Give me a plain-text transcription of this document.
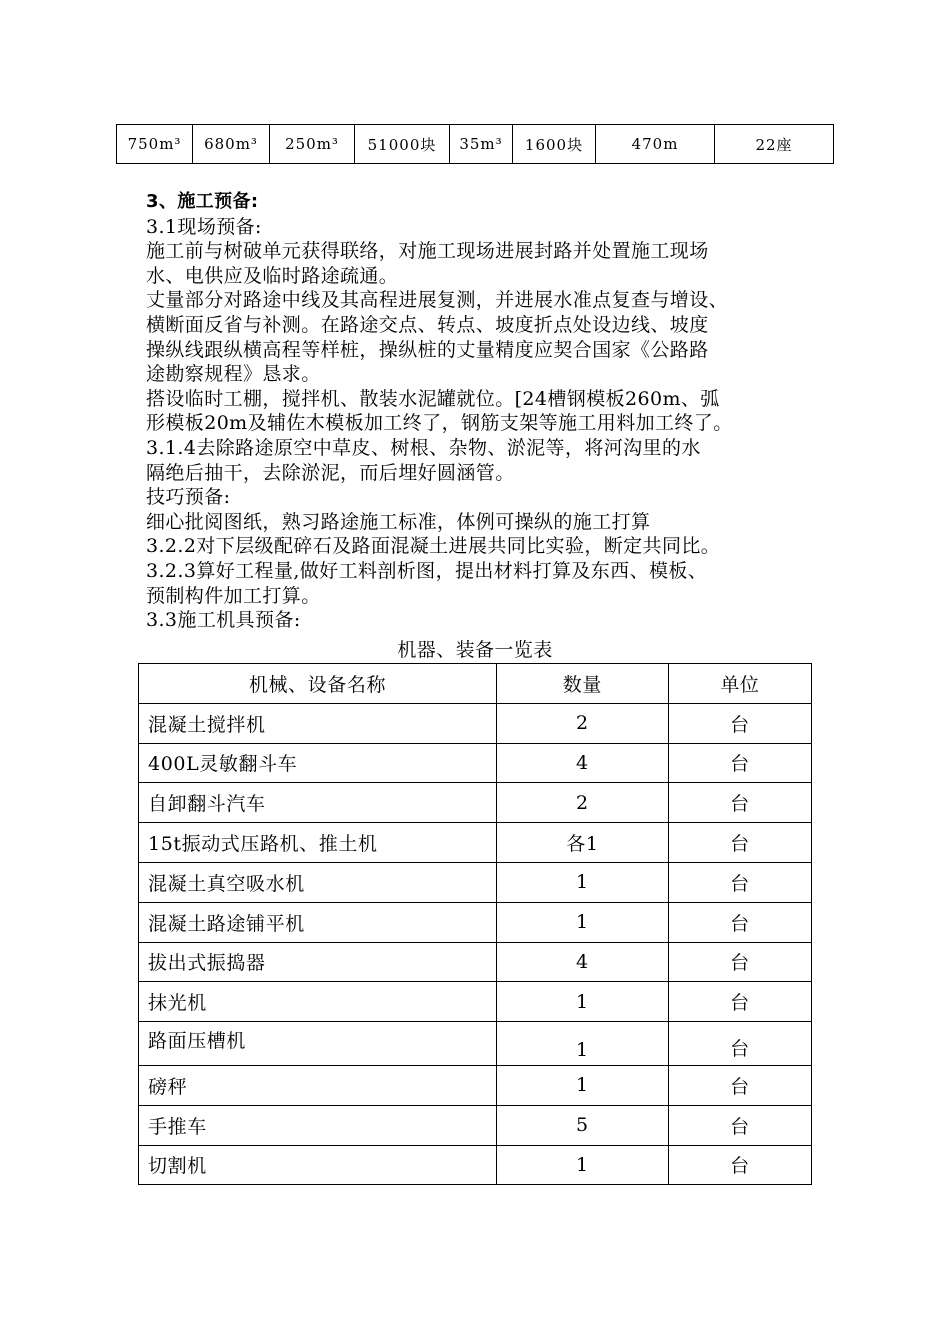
750m³	680m³	250m³	51000块	35m³	1600块	470m	22座
3、施工预备:
3.1现场预备:
施工前与树破单元获得联络，对施工现场进展封路并处置施工现场
水、电供应及临时路途疏通。
丈量部分对路途中线及其高程进展复测，并进展水准点复查与增设、
横断面反省与补测。在路途交点、转点、坡度折点处设边线、坡度
操纵线跟纵横高程等样桩，操纵桩的丈量精度应契合国家《公路路
途勘察规程》恳求。
搭设临时工棚，搅拌机、散装水泥罐就位。[24槽钢模板260m、弧
形模板20m及辅佐木模板加工终了，钢筋支架等施工用料加工终了。
3.1.4去除路途原空中草皮、树根、杂物、淤泥等，将河沟里的水
隔绝后抽干，去除淤泥，而后埋好圆涵管。
技巧预备:
细心批阅图纸，熟习路途施工标准，体例可操纵的施工打算
3.2.2对下层级配碎石及路面混凝土进展共同比实验，断定共同比。
3.2.3算好工程量,做好工料剖析图，提出材料打算及东西、模板、
预制构件加工打算。
3.3施工机具预备:
机器、装备一览表
机械、设备名称	数量	单位
混凝土搅拌机	2	台
400L灵敏翻斗车	4	台
自卸翻斗汽车	2	台
15t振动式压路机、推土机	各1	台
混凝土真空吸水机	1	台
混凝土路途铺平机	1	台
拔出式振捣器	4	台
抹光机	1	台
路面压槽机	1	台
磅秤	1	台
手推车	5	台
切割机	1	台
